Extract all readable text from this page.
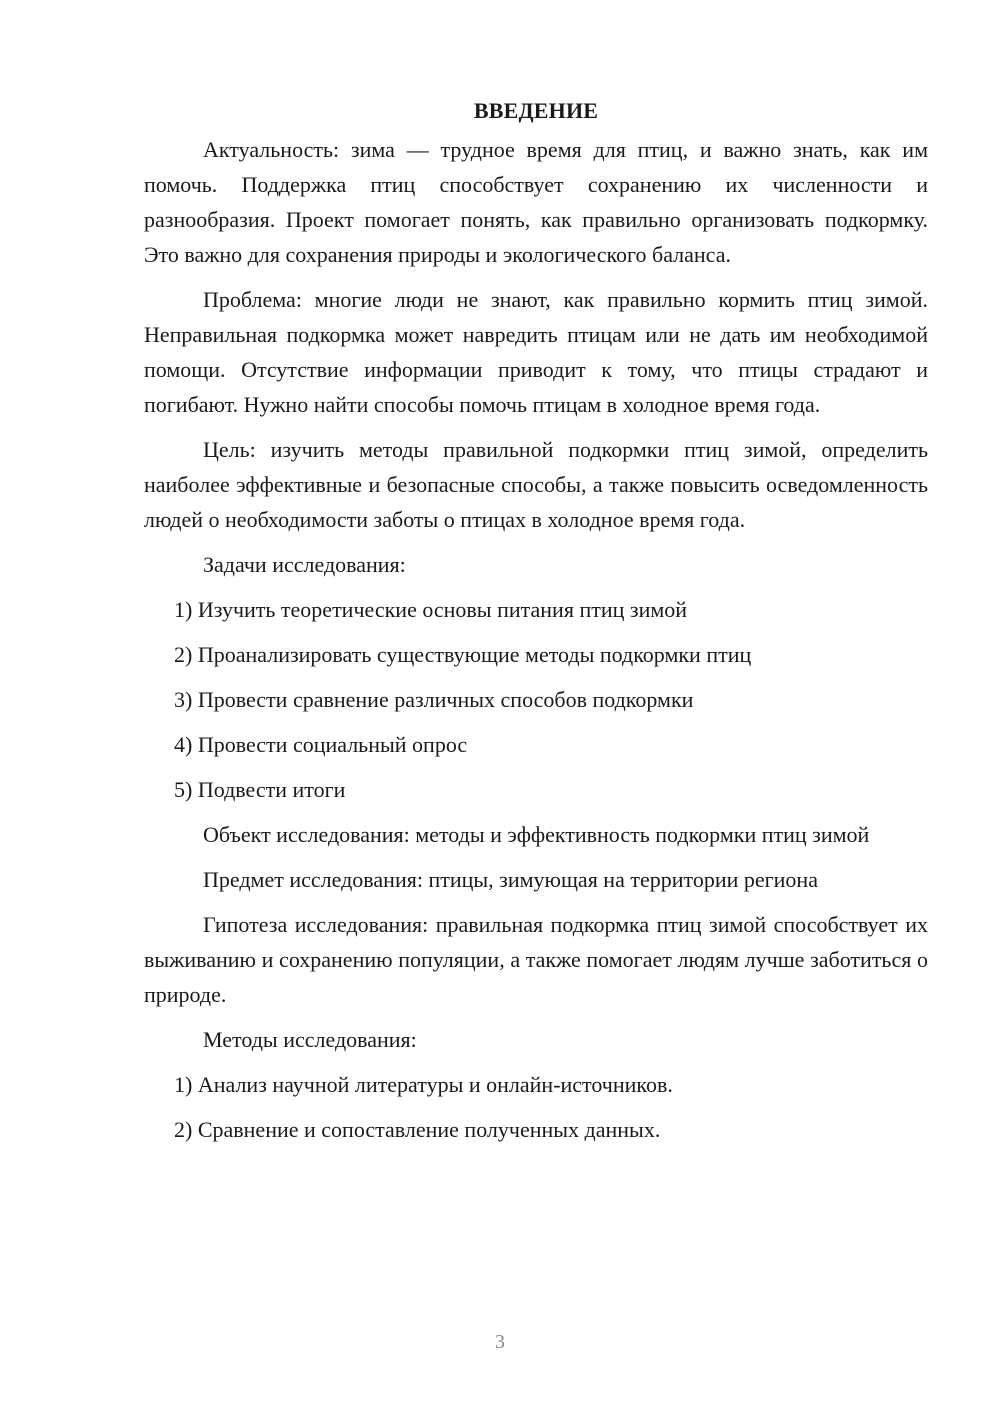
ВВЕДЕНИЕ

Актуальность: зима — трудное время для птиц, и важно знать, как им помочь. Поддержка птиц способствует сохранению их численности и разнообразия. Проект помогает понять, как правильно организовать подкормку. Это важно для сохранения природы и экологического баланса.

Проблема: многие люди не знают, как правильно кормить птиц зимой. Неправильная подкормка может навредить птицам или не дать им необходимой помощи. Отсутствие информации приводит к тому, что птицы страдают и погибают. Нужно найти способы помочь птицам в холодное время года.

Цель: изучить методы правильной подкормки птиц зимой, определить наиболее эффективные и безопасные способы, а также повысить осведомленность людей о необходимости заботы о птицах в холодное время года.

Задачи исследования:

1) Изучить теоретические основы питания птиц зимой

2) Проанализировать существующие методы подкормки птиц

3) Провести сравнение различных способов подкормки

4) Провести социальный опрос

5) Подвести итоги

Объект исследования: методы и эффективность подкормки птиц зимой

Предмет исследования: птицы, зимующая на территории региона

Гипотеза исследования: правильная подкормка птиц зимой способствует их выживанию и сохранению популяции, а также помогает людям лучше заботиться о природе.

Методы исследования:

1) Анализ научной литературы и онлайн-источников.

2) Сравнение и сопоставление полученных данных.

3
